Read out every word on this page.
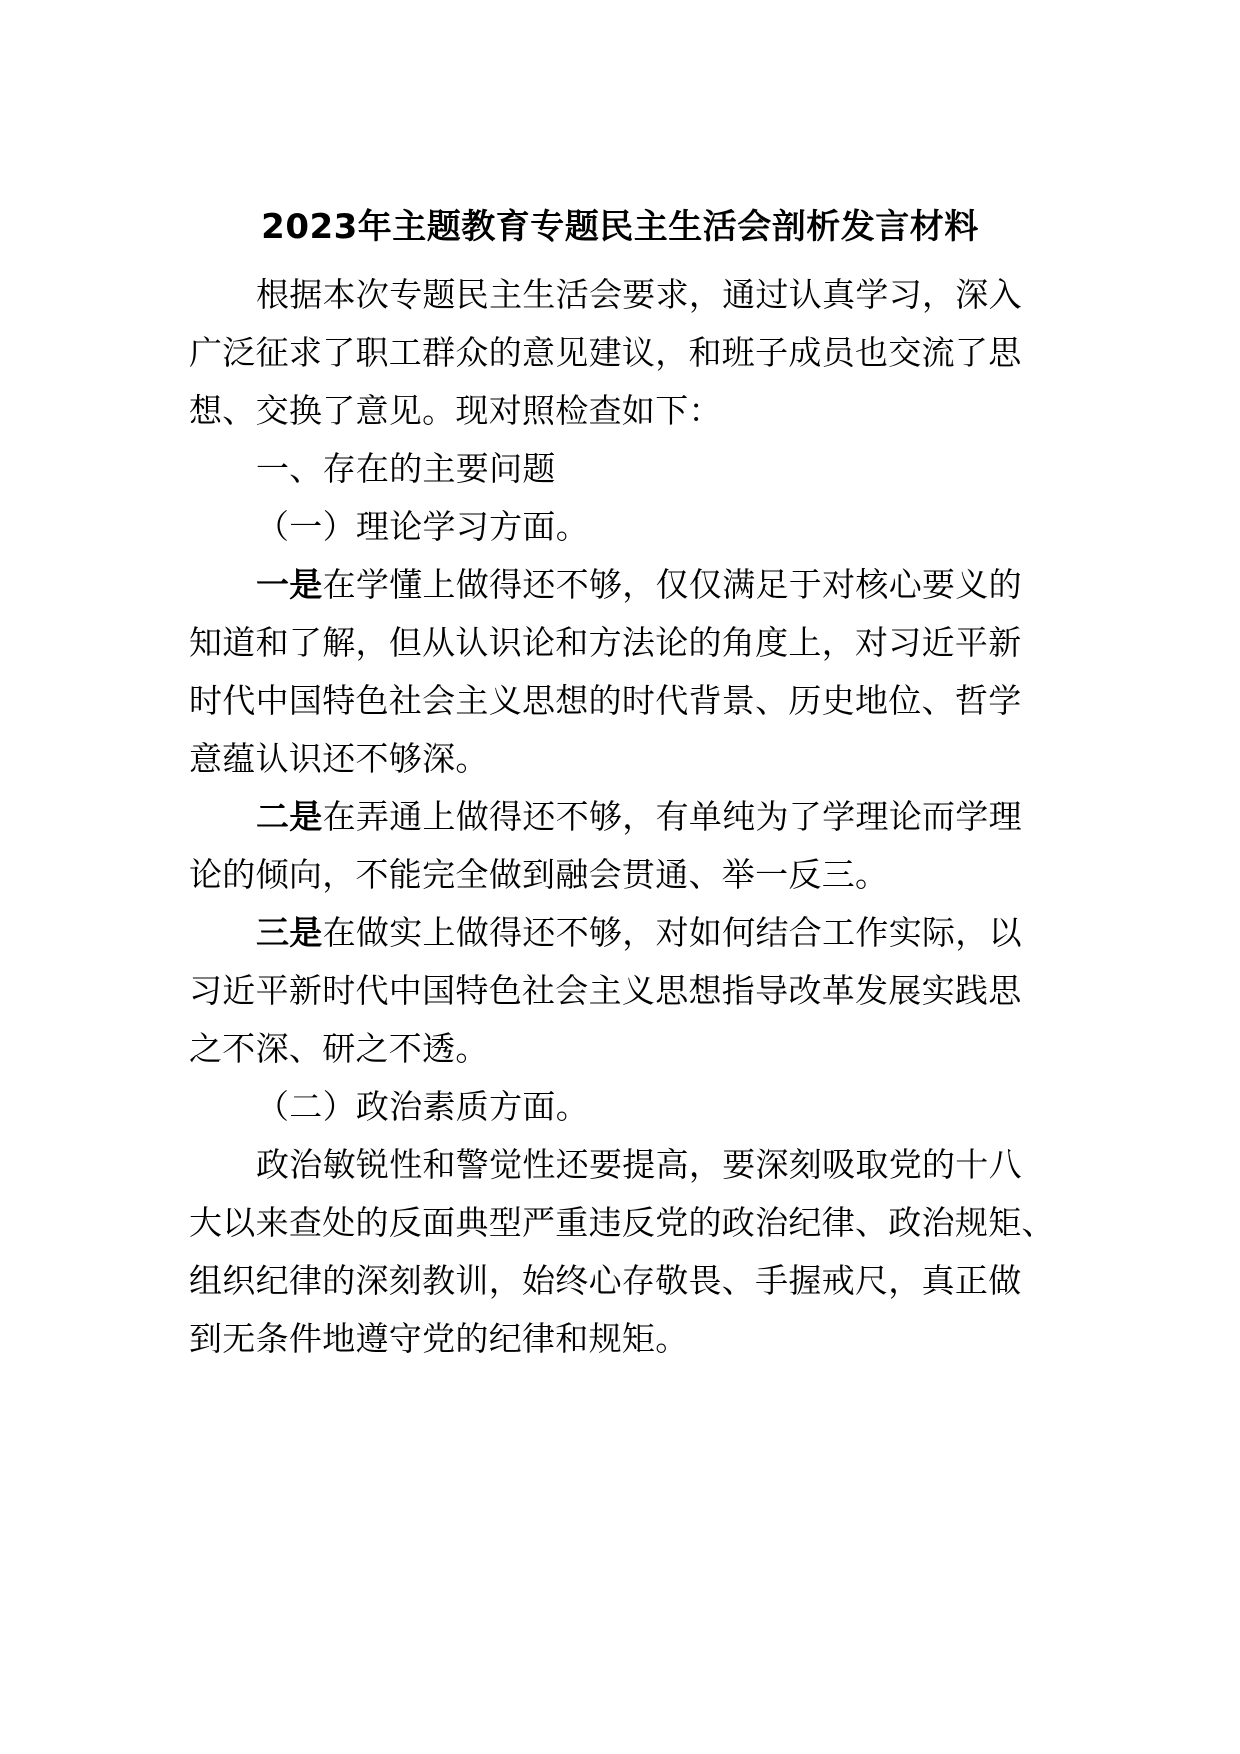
2023年主题教育专题民主生活会剖析发言材料
根据本次专题民主生活会要求，通过认真学习，深入
广泛征求了职工群众的意见建议，和班子成员也交流了思
想、交换了意见。现对照检查如下：
一、存在的主要问题
（一）理论学习方面。
一是在学懂上做得还不够，仅仅满足于对核心要义的
知道和了解，但从认识论和方法论的角度上，对习近平新
时代中国特色社会主义思想的时代背景、历史地位、哲学
意蕴认识还不够深。
二是在弄通上做得还不够，有单纯为了学理论而学理
论的倾向，不能完全做到融会贯通、举一反三。
三是在做实上做得还不够，对如何结合工作实际，以
习近平新时代中国特色社会主义思想指导改革发展实践思
之不深、研之不透。
（二）政治素质方面。
政治敏锐性和警觉性还要提高，要深刻吸取党的十八
大以来查处的反面典型严重违反党的政治纪律、政治规矩、
组织纪律的深刻教训，始终心存敬畏、手握戒尺，真正做
到无条件地遵守党的纪律和规矩。
